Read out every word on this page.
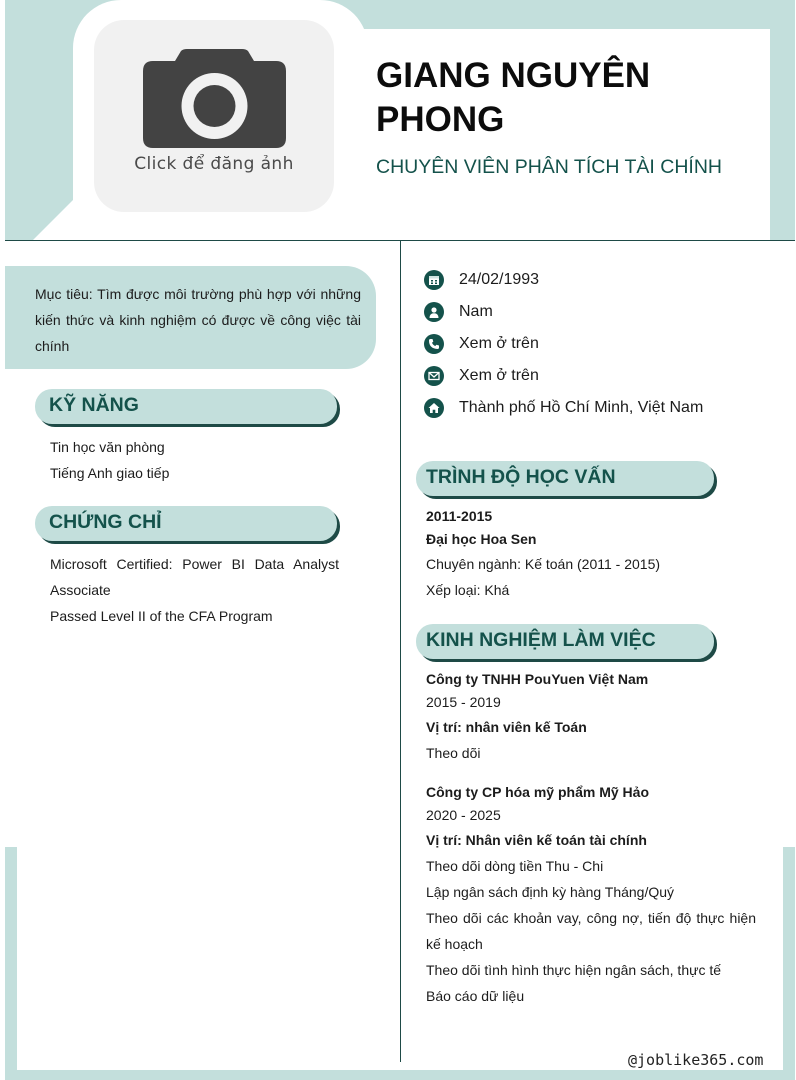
Click để đăng ảnh
GIANG NGUYÊN PHONG
CHUYÊN VIÊN PHÂN TÍCH TÀI CHÍNH
Mục tiêu: Tìm được môi trường phù hợp với những kiến thức và kinh nghiệm có được về công việc tài chính
KỸ NĂNG
Tin học văn phòng
Tiếng Anh giao tiếp
CHỨNG CHỈ
Microsoft Certified: Power BI Data Analyst Associate
Passed Level II of the CFA Program
24/02/1993
Nam
Xem ở trên
Xem ở trên
Thành phố Hồ Chí Minh, Việt Nam
TRÌNH ĐỘ HỌC VẤN
2011-2015
Đại học Hoa Sen
Chuyên ngành: Kế toán (2011 - 2015)
Xếp loại: Khá
KINH NGHIỆM LÀM VIỆC
Công ty TNHH PouYuen Việt Nam
2015 - 2019
Vị trí: nhân viên kế Toán
Theo dõi
Công ty CP hóa mỹ phẩm Mỹ Hảo
2020 - 2025
Vị trí: Nhân viên kế toán tài chính
Theo dõi dòng tiền Thu - Chi
Lập ngân sách định kỳ hàng Tháng/Quý
Theo dõi các khoản vay, công nợ, tiến độ thực hiện kế hoạch
Theo dõi tình hình thực hiện ngân sách, thực tế
Báo cáo dữ liệu
@joblike365.com
